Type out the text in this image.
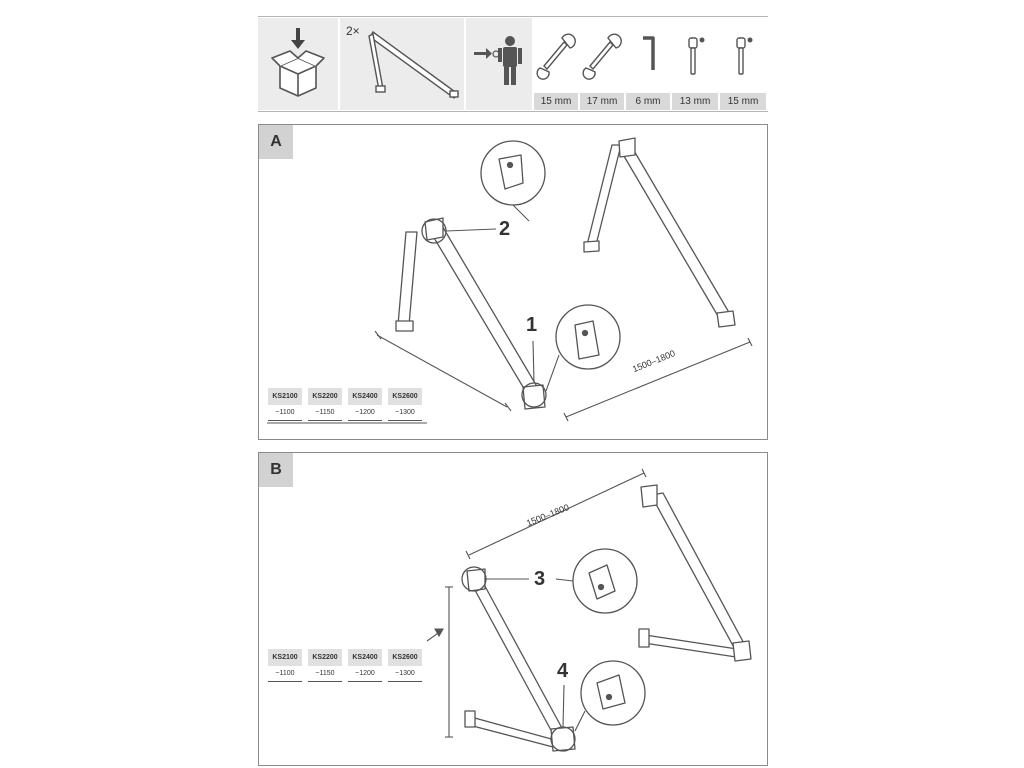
2×
15 mm	17 mm	6 mm	13 mm	15 mm
A
2
1
1500–1800
KS2100	KS2200	KS2400	KS2600
~1100	~1150	~1200	~1300
B
3
4
1500–1800
KS2100	KS2200	KS2400	KS2600
~1100	~1150	~1200	~1300
